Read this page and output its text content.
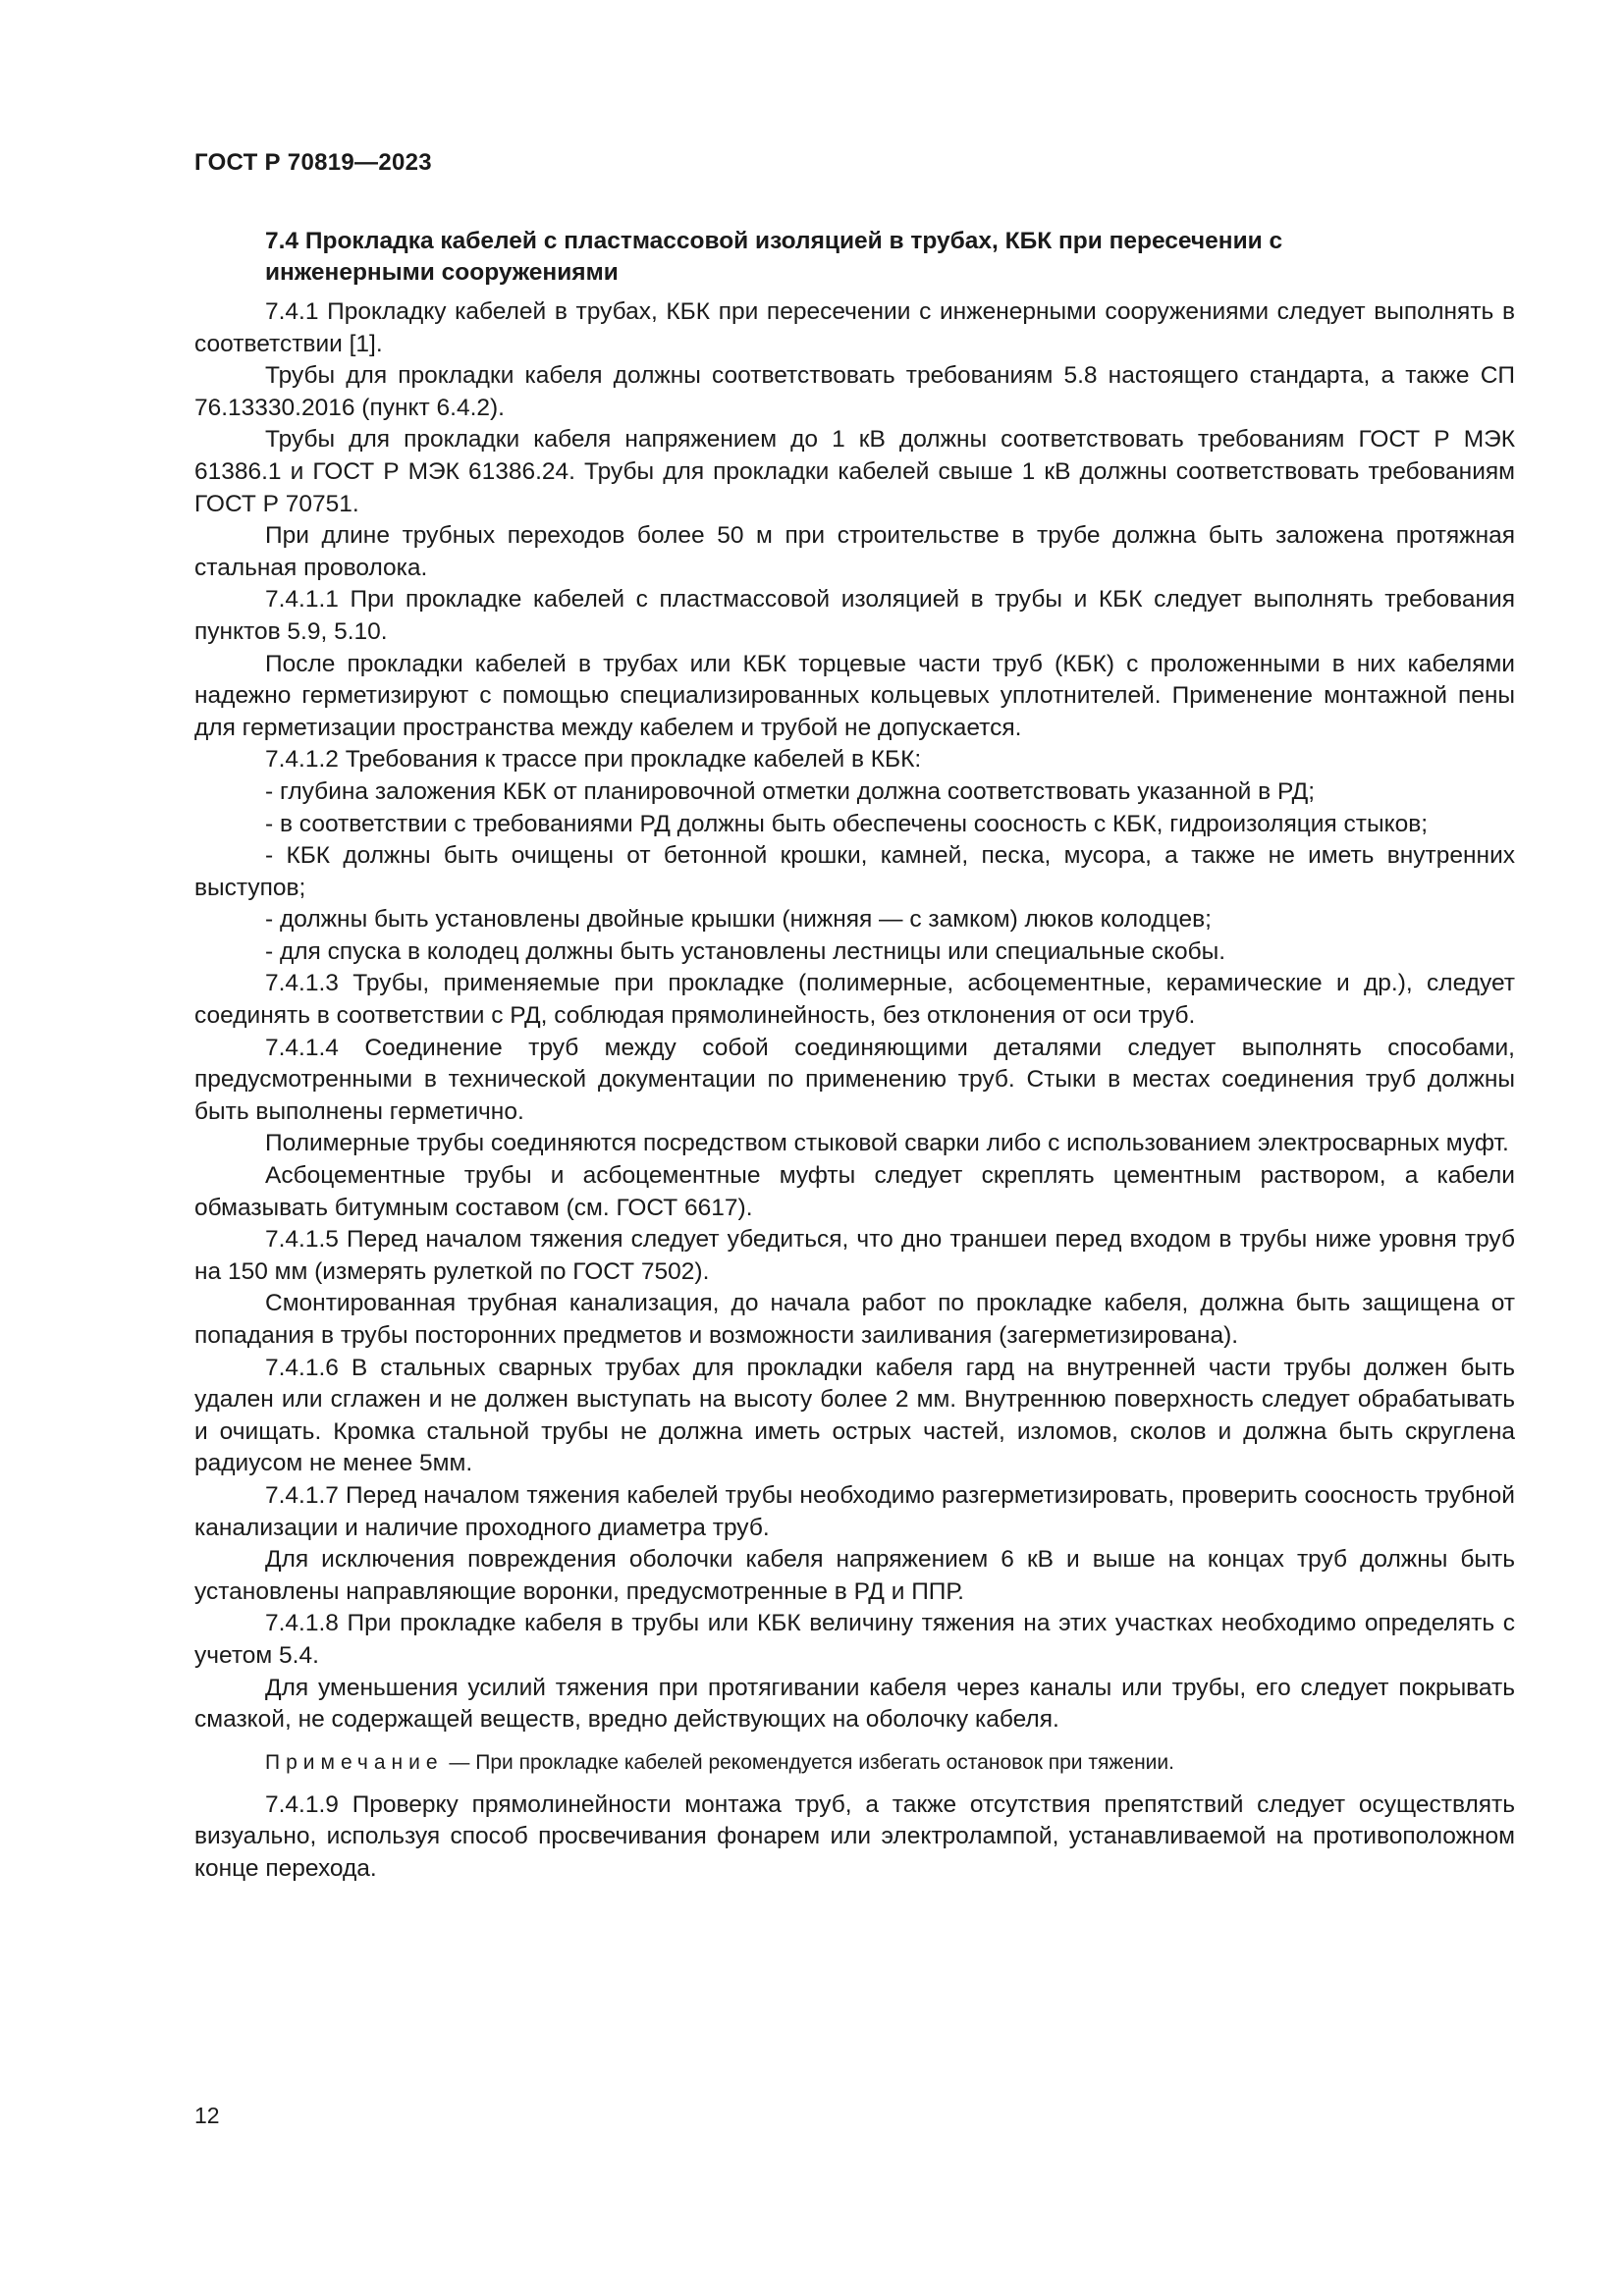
ГОСТ Р 70819—2023

7.4 Прокладка кабелей с пластмассовой изоляцией в трубах, КБК при пересечении с инженерными сооружениями

7.4.1 Прокладку кабелей в трубах, КБК при пересечении с инженерными сооружениями следует выполнять в соответствии [1].

Трубы для прокладки кабеля должны соответствовать требованиям 5.8 настоящего стандарта, а также СП 76.13330.2016 (пункт 6.4.2).

Трубы для прокладки кабеля напряжением до 1 кВ должны соответствовать требованиям ГОСТ Р МЭК 61386.1 и ГОСТ Р МЭК 61386.24. Трубы для прокладки кабелей свыше 1 кВ должны соответствовать требованиям ГОСТ Р 70751.

При длине трубных переходов более 50 м при строительстве в трубе должна быть заложена протяжная стальная проволока.

7.4.1.1 При прокладке кабелей с пластмассовой изоляцией в трубы и КБК следует выполнять требования пунктов 5.9, 5.10.

После прокладки кабелей в трубах или КБК торцевые части труб (КБК) с проложенными в них кабелями надежно герметизируют с помощью специализированных кольцевых уплотнителей. Применение монтажной пены для герметизации пространства между кабелем и трубой не допускается.

7.4.1.2 Требования к трассе при прокладке кабелей в КБК:

- глубина заложения КБК от планировочной отметки должна соответствовать указанной в РД;

- в соответствии с требованиями РД должны быть обеспечены соосность с КБК, гидроизоляция стыков;

- КБК должны быть очищены от бетонной крошки, камней, песка, мусора, а также не иметь внутренних выступов;

- должны быть установлены двойные крышки (нижняя — с замком) люков колодцев;

- для спуска в колодец должны быть установлены лестницы или специальные скобы.

7.4.1.3 Трубы, применяемые при прокладке (полимерные, асбоцементные, керамические и др.), следует соединять в соответствии с РД, соблюдая прямолинейность, без отклонения от оси труб.

7.4.1.4 Соединение труб между собой соединяющими деталями следует выполнять способами, предусмотренными в технической документации по применению труб. Стыки в местах соединения труб должны быть выполнены герметично.

Полимерные трубы соединяются посредством стыковой сварки либо с использованием электросварных муфт.

Асбоцементные трубы и асбоцементные муфты следует скреплять цементным раствором, а кабели обмазывать битумным составом (см. ГОСТ 6617).

7.4.1.5 Перед началом тяжения следует убедиться, что дно траншеи перед входом в трубы ниже уровня труб на 150 мм (измерять рулеткой по ГОСТ 7502).

Смонтированная трубная канализация, до начала работ по прокладке кабеля, должна быть защищена от попадания в трубы посторонних предметов и возможности заиливания (загерметизирована).

7.4.1.6 В стальных сварных трубах для прокладки кабеля гард на внутренней части трубы должен быть удален или сглажен и не должен выступать на высоту более 2 мм. Внутреннюю поверхность следует обрабатывать и очищать. Кромка стальной трубы не должна иметь острых частей, изломов, сколов и должна быть скруглена радиусом не менее 5мм.

7.4.1.7 Перед началом тяжения кабелей трубы необходимо разгерметизировать, проверить соосность трубной канализации и наличие проходного диаметра труб.

Для исключения повреждения оболочки кабеля напряжением 6 кВ и выше на концах труб должны быть установлены направляющие воронки, предусмотренные в РД и ППР.

7.4.1.8 При прокладке кабеля в трубы или КБК величину тяжения на этих участках необходимо определять с учетом 5.4.

Для уменьшения усилий тяжения при протягивании кабеля через каналы или трубы, его следует покрывать смазкой, не содержащей веществ, вредно действующих на оболочку кабеля.

Примечание — При прокладке кабелей рекомендуется избегать остановок при тяжении.

7.4.1.9 Проверку прямолинейности монтажа труб, а также отсутствия препятствий следует осуществлять визуально, используя способ просвечивания фонарем или электролампой, устанавливаемой на противоположном конце перехода.

12
